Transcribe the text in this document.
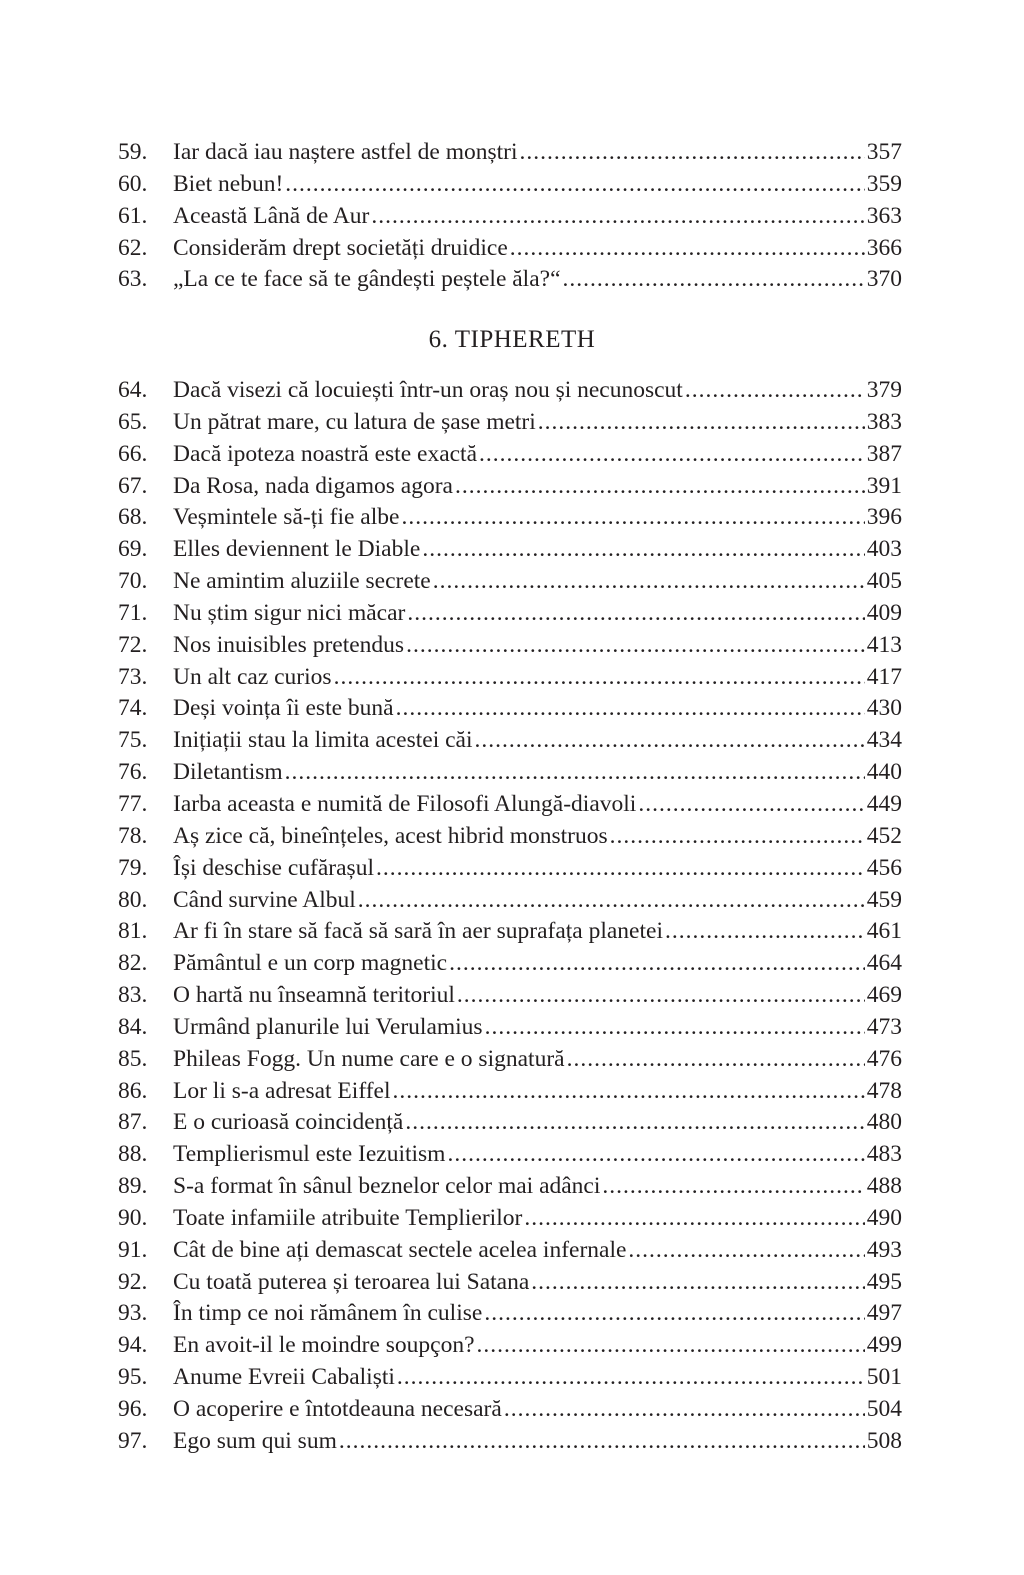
59.	Iar dacă iau naștere astfel de monștri .....	357
60.	Biet nebun! .....	359
61.	Această Lână de Aur .....	363
62.	Considerăm drept societăți druidice .....	366
63.	„La ce te face să te gândești peștele ăla?“ .....	370
6. TIPHERETH
64.	Dacă visezi că locuiești într-un oraș nou și necunoscut .....	379
65.	Un pătrat mare, cu latura de șase metri .....	383
66.	Dacă ipoteza noastră este exactă .....	387
67.	Da Rosa, nada digamos agora .....	391
68.	Veșmintele să-ți fie albe .....	396
69.	Elles deviennent le Diable .....	403
70.	Ne amintim aluziile secrete .....	405
71.	Nu știm sigur nici măcar .....	409
72.	Nos inuisibles pretendus .....	413
73.	Un alt caz curios .....	417
74.	Deși voința îi este bună .....	430
75.	Inițiații stau la limita acestei căi .....	434
76.	Diletantism .....	440
77.	Iarba aceasta e numită de Filosofi Alungă-diavoli .....	449
78.	Aș zice că, bineînțeles, acest hibrid monstruos .....	452
79.	Își deschise cufărașul .....	456
80.	Când survine Albul .....	459
81.	Ar fi în stare să facă să sară în aer suprafața planetei .....	461
82.	Pământul e un corp magnetic .....	464
83.	O hartă nu înseamnă teritoriul .....	469
84.	Urmând planurile lui Verulamius .....	473
85.	Phileas Fogg. Un nume care e o signatură .....	476
86.	Lor li s-a adresat Eiffel .....	478
87.	E o curioasă coincidență .....	480
88.	Templierismul este Iezuitism .....	483
89.	S-a format în sânul beznelor celor mai adânci .....	488
90.	Toate infamiile atribuite Templierilor .....	490
91.	Cât de bine ați demascat sectele acelea infernale .....	493
92.	Cu toată puterea și teroarea lui Satana .....	495
93.	În timp ce noi rămânem în culise .....	497
94.	En avoit-il le moindre soupçon? .....	499
95.	Anume Evreii Cabaliști .....	501
96.	O acoperire e întotdeauna necesară .....	504
97.	Ego sum qui sum .....	508
